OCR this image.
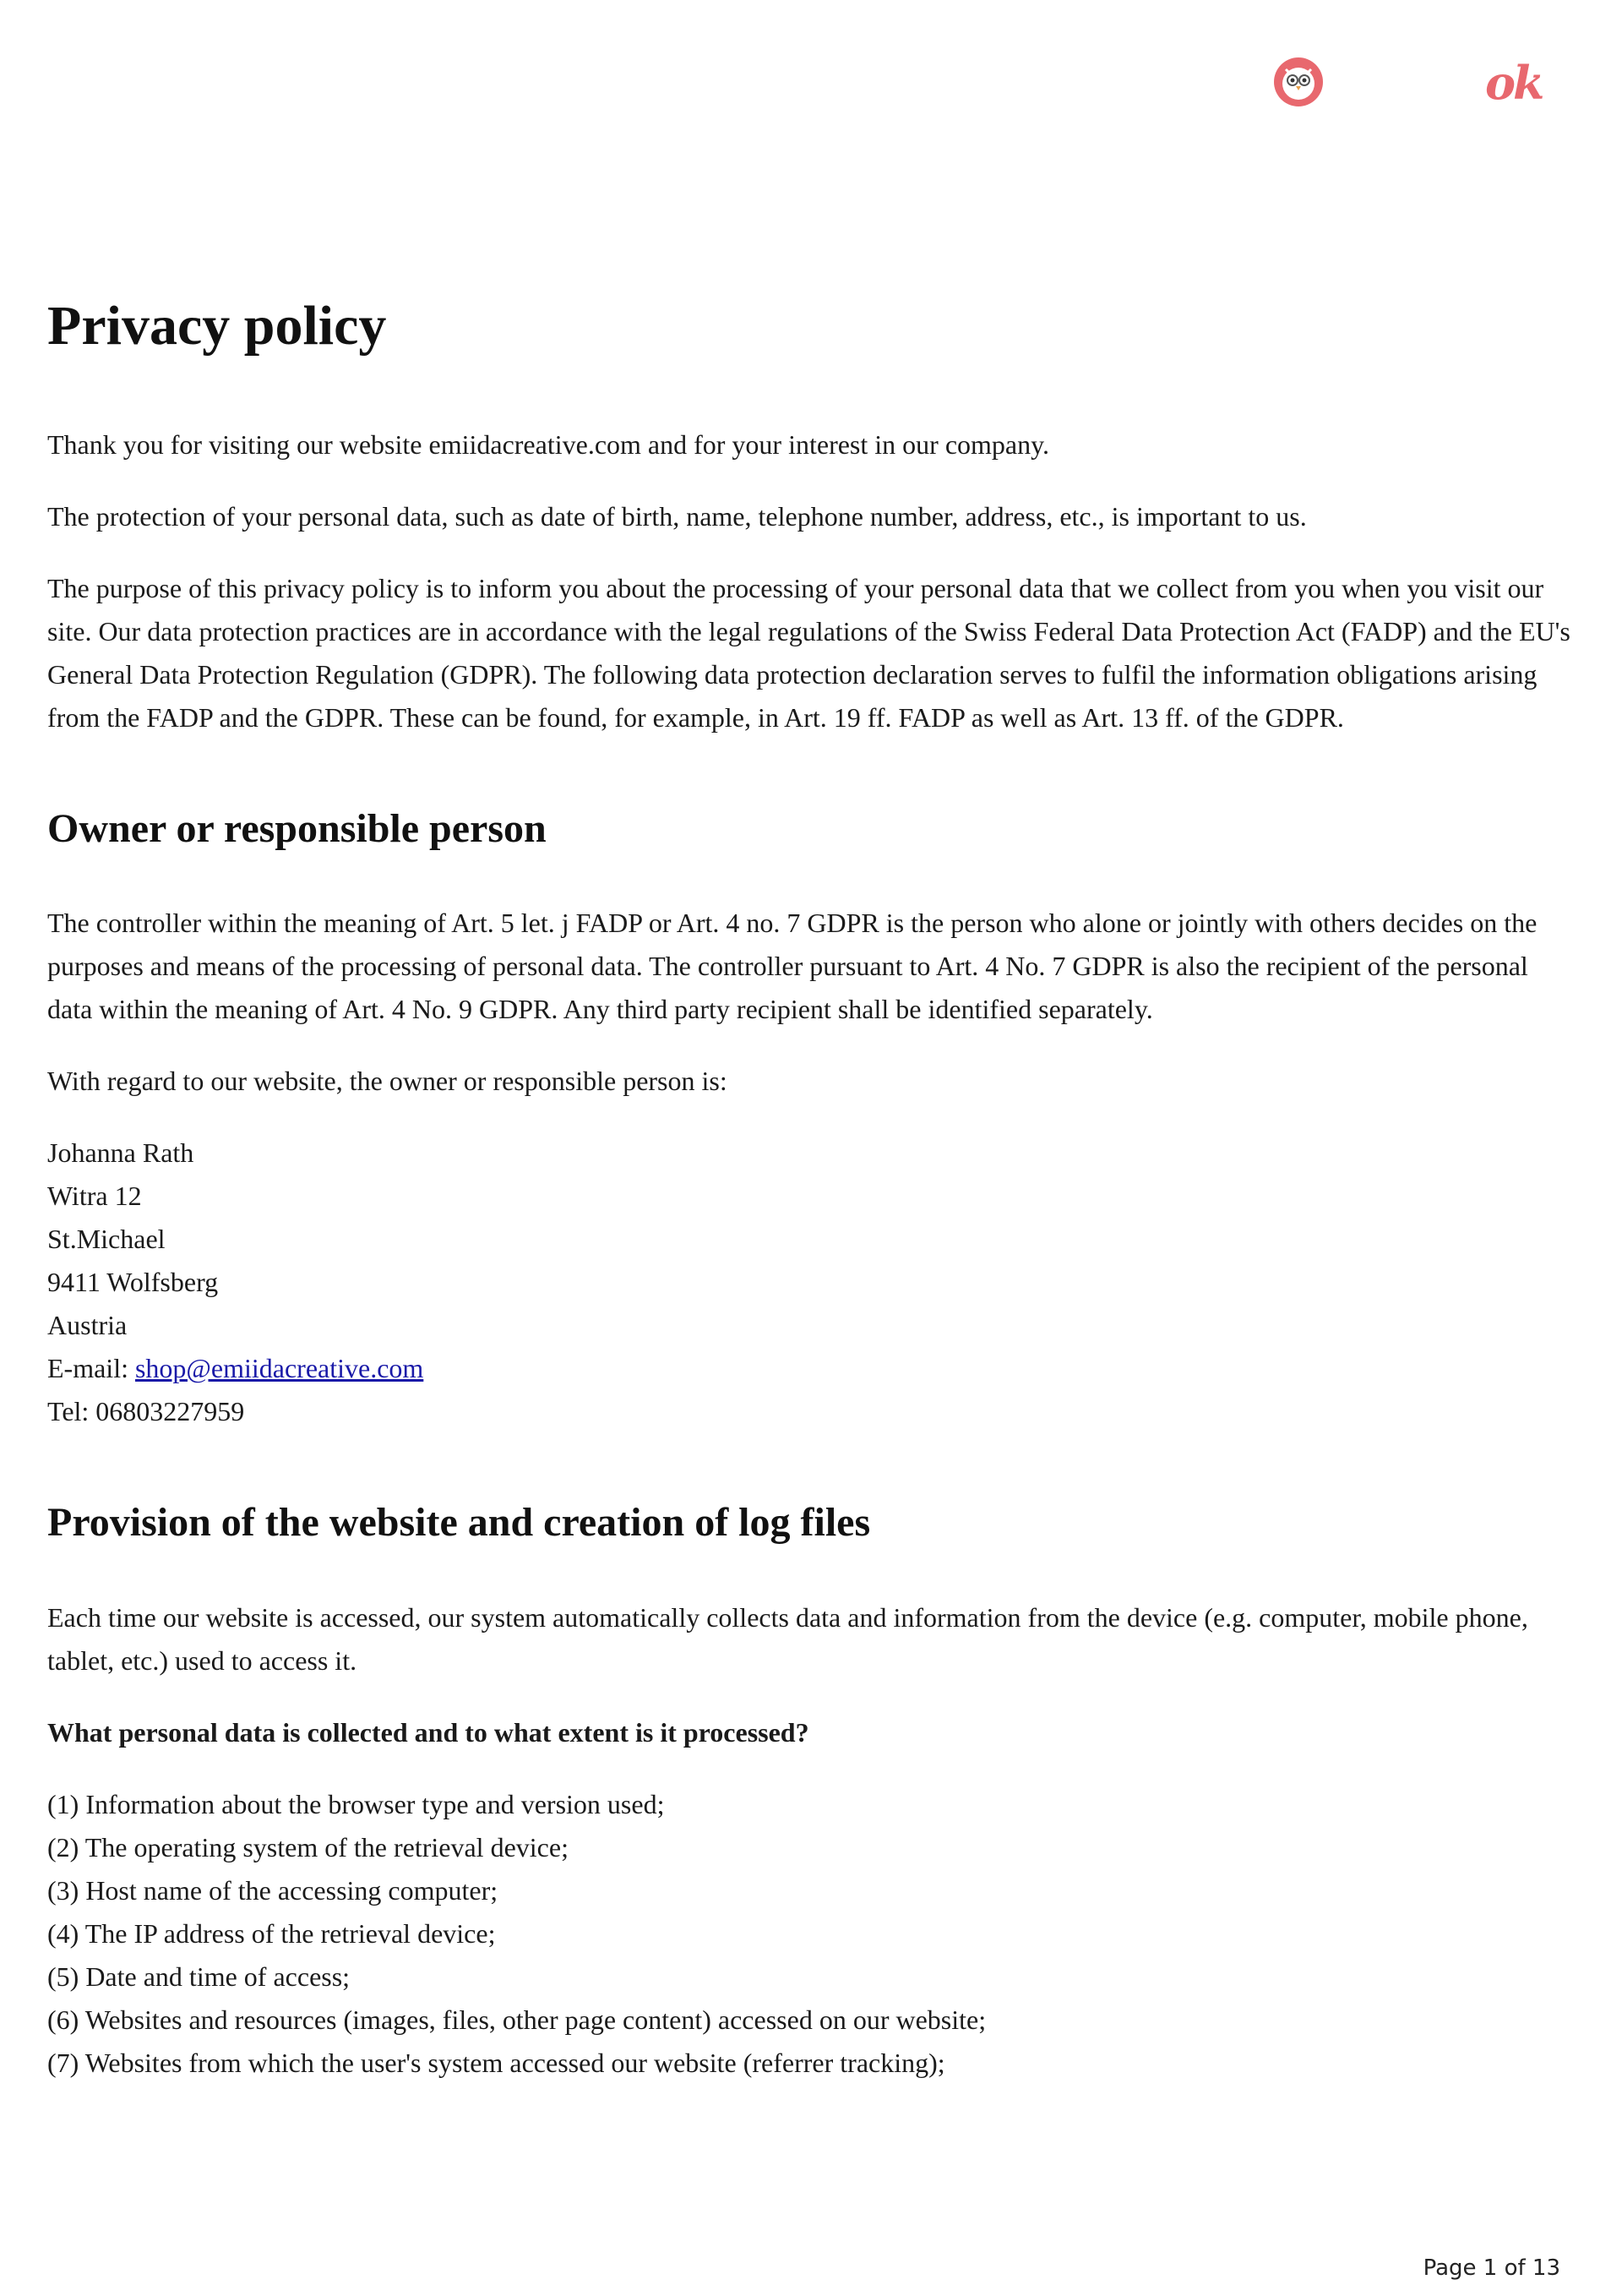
ok
Privacy policy

Thank you for visiting our website emiidacreative.com and for your interest in our company.

The protection of your personal data, such as date of birth, name, telephone number, address, etc., is important to us.

The purpose of this privacy policy is to inform you about the processing of your personal data that we collect from you when you visit our site. Our data protection practices are in accordance with the legal regulations of the Swiss Federal Data Protection Act (FADP) and the EU's General Data Protection Regulation (GDPR). The following data protection declaration serves to fulfil the information obligations arising from the FADP and the GDPR. These can be found, for example, in Art. 19 ff. FADP as well as Art. 13 ff. of the GDPR.

Owner or responsible person

The controller within the meaning of Art. 5 let. j FADP or Art. 4 no. 7 GDPR is the person who alone or jointly with others decides on the purposes and means of the processing of personal data. The controller pursuant to Art. 4 No. 7 GDPR is also the recipient of the personal data within the meaning of Art. 4 No. 9 GDPR. Any third party recipient shall be identified separately.

With regard to our website, the owner or responsible person is:

Johanna Rath
Witra 12
St.Michael
9411 Wolfsberg
Austria
E-mail: shop@emiidacreative.com
Tel: 06803227959

Provision of the website and creation of log files

Each time our website is accessed, our system automatically collects data and information from the device (e.g. computer, mobile phone, tablet, etc.) used to access it.

What personal data is collected and to what extent is it processed?

(1) Information about the browser type and version used;
(2) The operating system of the retrieval device;
(3) Host name of the accessing computer;
(4) The IP address of the retrieval device;
(5) Date and time of access;
(6) Websites and resources (images, files, other page content) accessed on our website;
(7) Websites from which the user's system accessed our website (referrer tracking);

Page 1 of 13
